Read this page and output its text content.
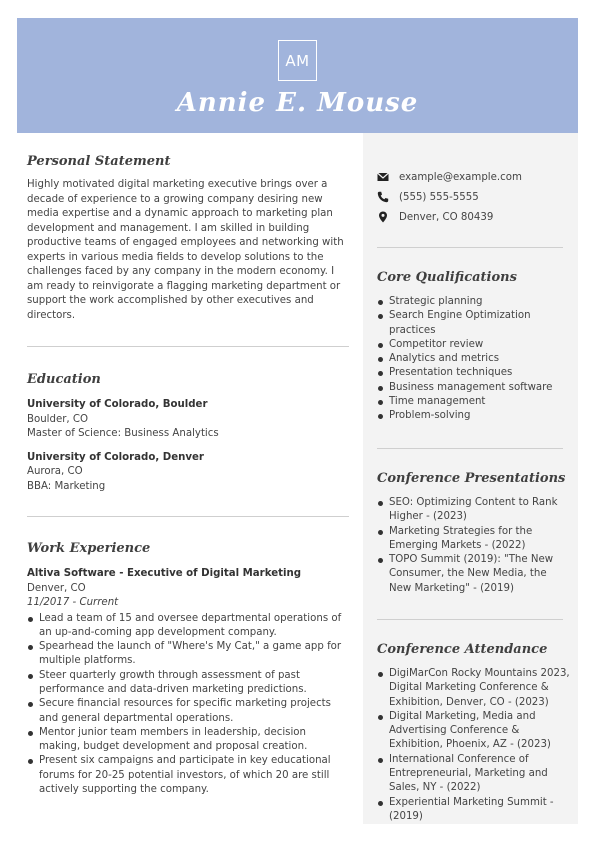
AM
Annie E. Mouse
example@example.com
(555) 555-5555
Denver, CO 80439
Core Qualifications
Strategic planning
Search Engine Optimization practices
Competitor review
Analytics and metrics
Presentation techniques
Business management software
Time management
Problem-solving
Conference Presentations
SEO: Optimizing Content to Rank Higher - (2023)
Marketing Strategies for the Emerging Markets - (2022)
TOPO Summit (2019): "The New Consumer, the New Media, the New Marketing" - (2019)
Conference Attendance
DigiMarCon Rocky Mountains 2023, Digital Marketing Conference & Exhibition, Denver, CO - (2023)
Digital Marketing, Media and Advertising Conference & Exhibition, Phoenix, AZ - (2023)
International Conference of Entrepreneurial, Marketing and Sales, NY - (2022)
Experiential Marketing Summit - (2019)
Personal Statement

Highly motivated digital marketing executive brings over a decade of experience to a growing company desiring new media expertise and a dynamic approach to marketing plan development and management. I am skilled in building productive teams of engaged employees and networking with experts in various media fields to develop solutions to the challenges faced by any company in the modern economy. I am ready to reinvigorate a flagging marketing department or support the work accomplished by other executives and directors.

Education
University of Colorado, Boulder
Boulder, CO
Master of Science: Business Analytics
University of Colorado, Denver
Aurora, CO
BBA: Marketing
Work Experience
Altiva Software - Executive of Digital Marketing
Denver, CO
11/2017 - Current
Lead a team of 15 and oversee departmental operations of an up-and-coming app development company.
Spearhead the launch of "Where's My Cat," a game app for multiple platforms.
Steer quarterly growth through assessment of past performance and data-driven marketing predictions.
Secure financial resources for specific marketing projects and general departmental operations.
Mentor junior team members in leadership, decision making, budget development and proposal creation.
Present six campaigns and participate in key educational forums for 20-25 potential investors, of which 20 are still actively supporting the company.
